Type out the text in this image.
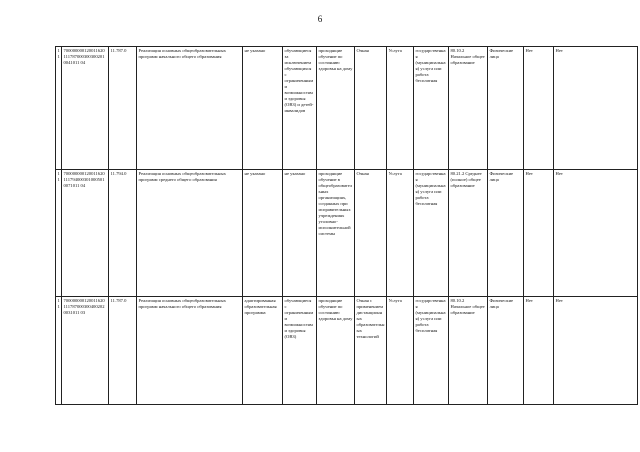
6
11	7000000001200116201117870003003002010041011 04	11.787.0	Реализация основных общеобразовательных программ начального общего образования	не указано	обучающиеся за исключением обучающихся с ограниченными возможностями здоровья (ОВЗ) и детей-инвалидов	проходящие обучение по состоянию здоровья на дому	Очная	Услуга	государственная (муниципальная) услуга или работа бесплатная	80.10.2 Начальное общее образование	Физические лица	Нет	Нет
11	7000000001200116201117940003010005010071011 04	11.794.0	Реализация основных общеобразовательных программ среднего общего образования	не указано	не указано	проходящие обучение в общеобразовательных организациях, созданных при исправительных учреждениях уголовно-исполнительной системы	Очная	Услуга	государственная (муниципальная) услуга или работа бесплатная	80.21.2 Среднее (полное) общее образование	Физические лица	Нет	Нет
11	7000000001200116201117870003004002020031011 03	11.787.0	Реализация основных общеобразовательных программ начального общего образования	адаптированная образовательная программа	обучающиеся с ограниченными возможностями здоровья (ОВЗ)	проходящие обучение по состоянию здоровья на дому	Очная с применением дистанционных образовательных технологий	Услуга	государственная (муниципальная) услуга или работа бесплатная	80.10.2 Начальное общее образование	Физические лица	Нет	Нет
